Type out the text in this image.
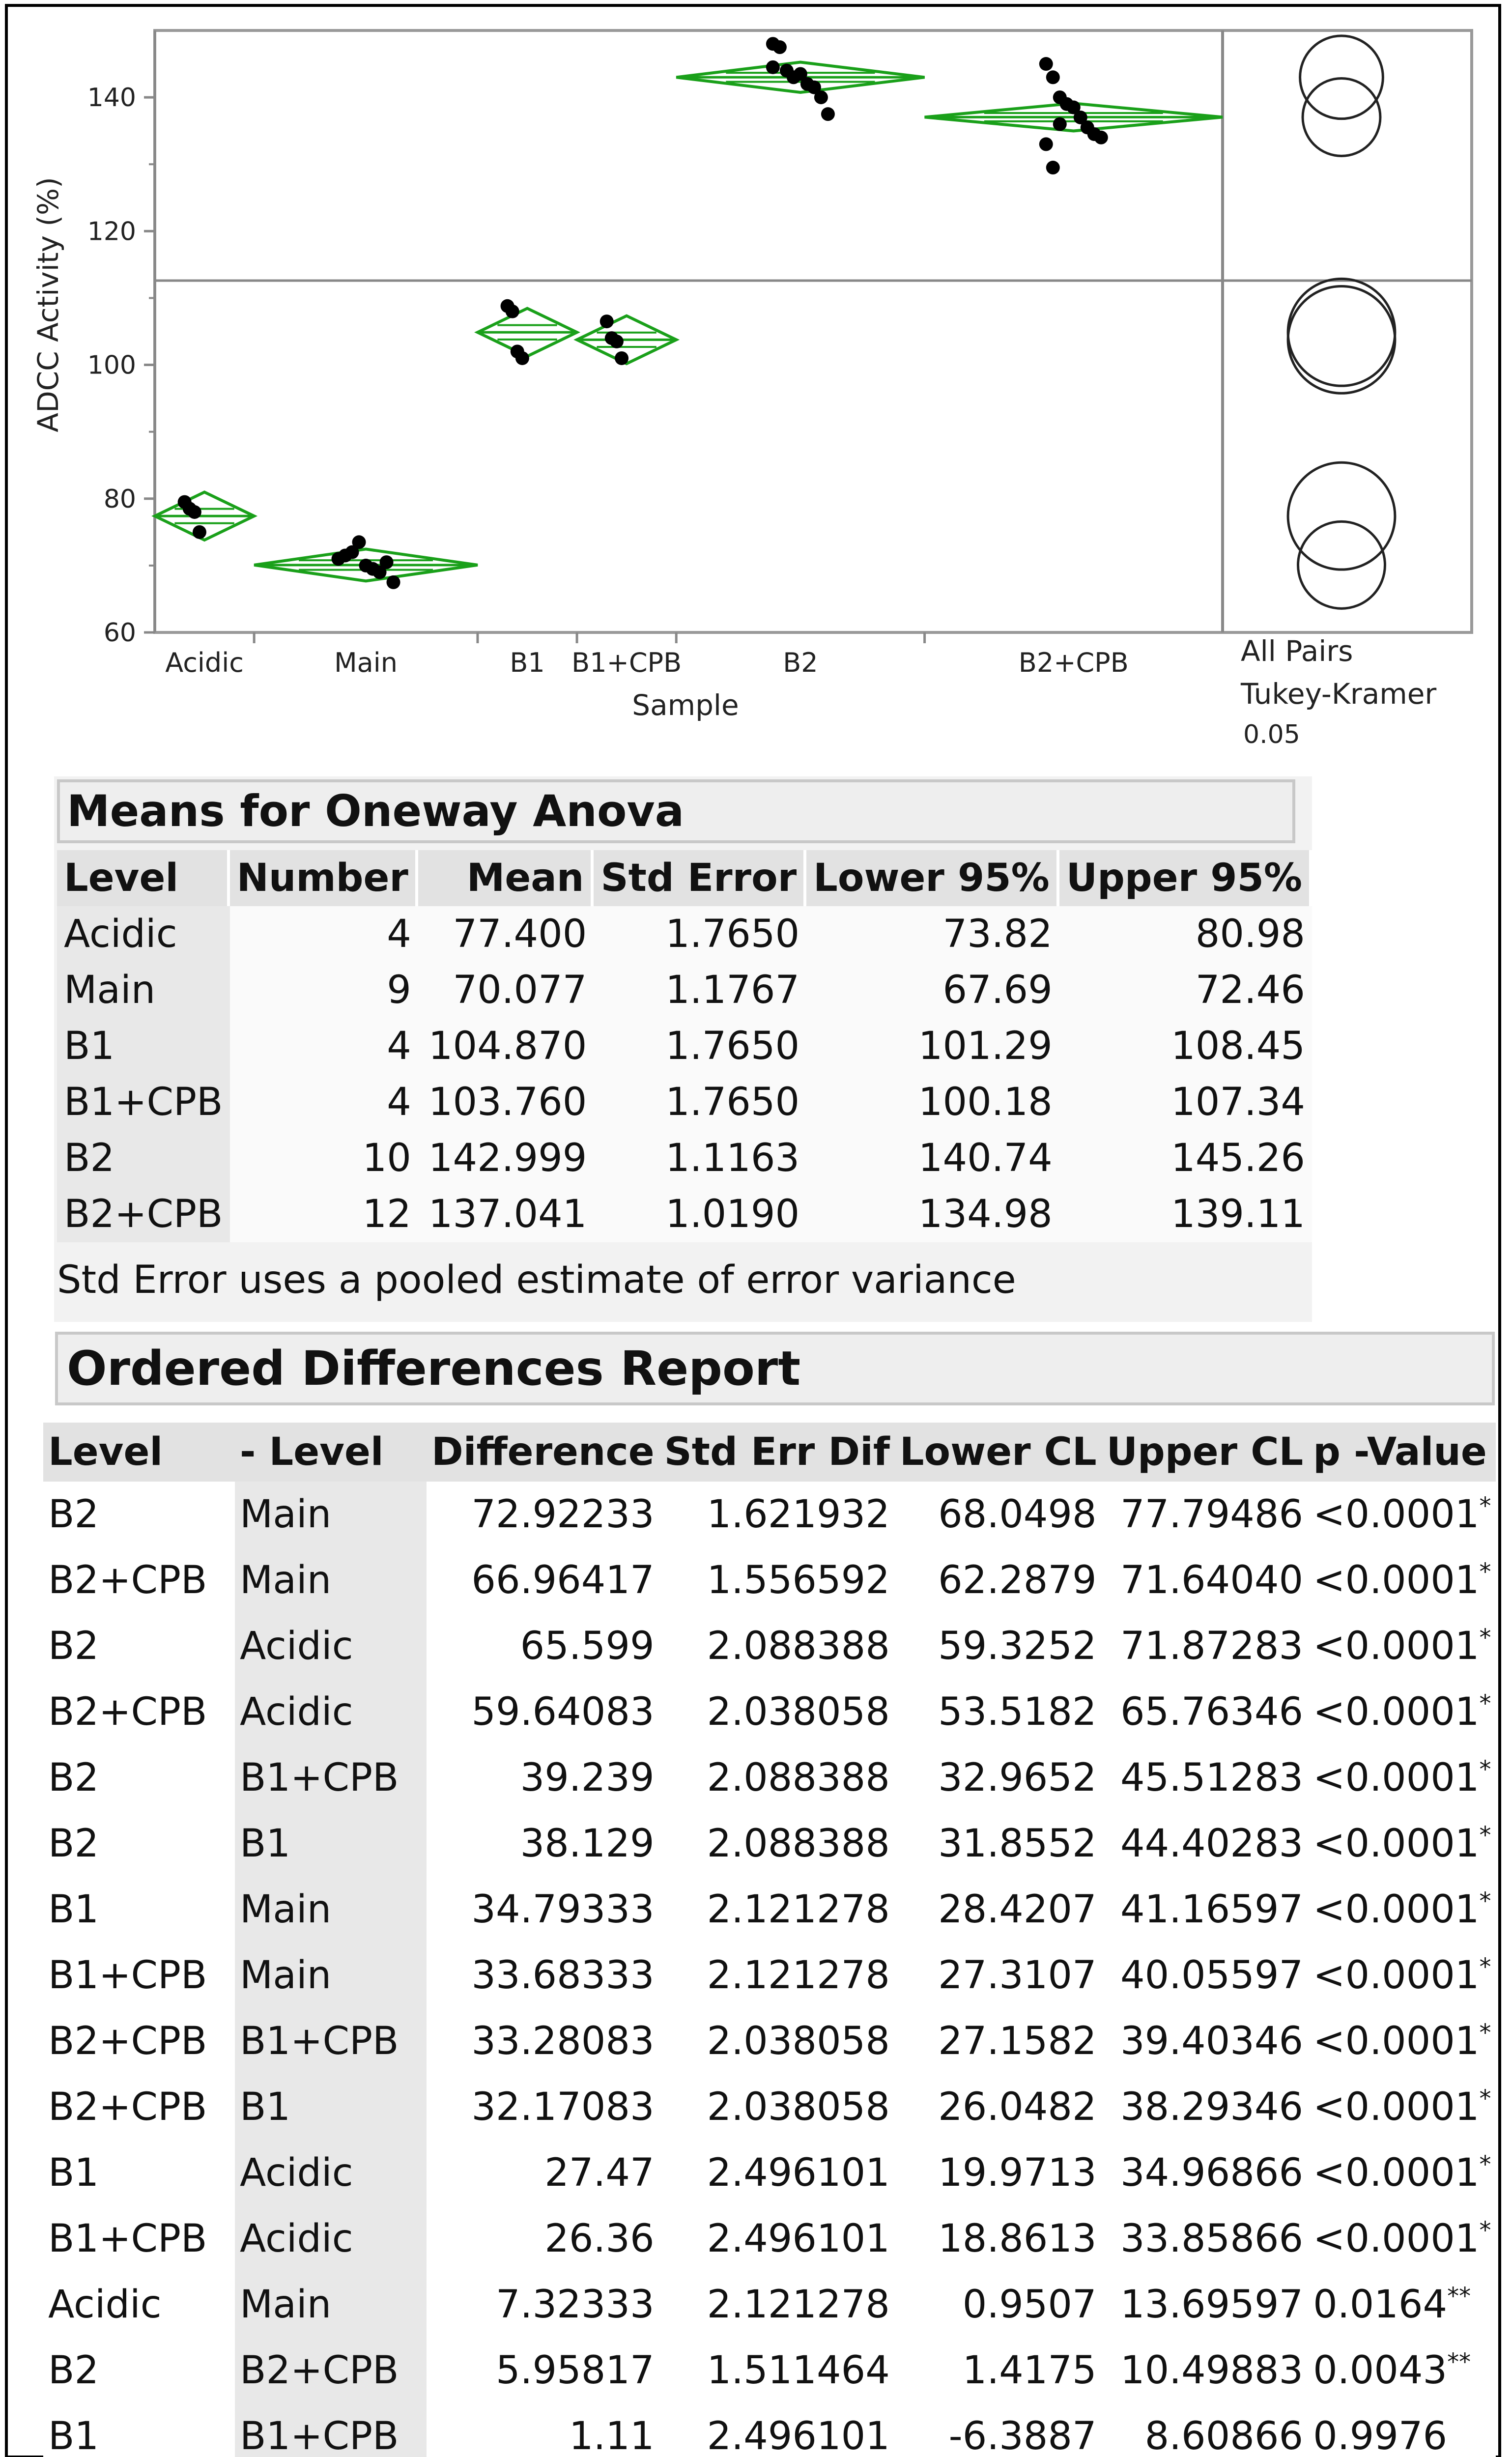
ADCC Activity (%)
Sample
All Pairs
Tukey-Kramer
0.05
60
80
100
120
140
Acidic	Main	B1 B1+CPB	B2	B2+CPB
Means for Oneway Anova
Level	Number	Mean	Std Error	Lower 95%	Upper 95%
Acidic	4	77.400	1.7650	73.82	80.98
Main	9	70.077	1.1767	67.69	72.46
B1	4	104.870	1.7650	101.29	108.45
B1+CPB	4	103.760	1.7650	100.18	107.34
B2	10	142.999	1.1163	140.74	145.26
B2+CPB	12	137.041	1.0190	134.98	139.11
Std Error uses a pooled estimate of error variance
Ordered Differences Report
Level	- Level	Difference	Std Err Dif	Lower CL	Upper CL	p -Value
B2	Main	72.92233	1.621932	68.0498	77.79486	<0.0001*
B2+CPB	Main	66.96417	1.556592	62.2879	71.64040	<0.0001*
B2	Acidic	65.599	2.088388	59.3252	71.87283	<0.0001*
B2+CPB	Acidic	59.64083	2.038058	53.5182	65.76346	<0.0001*
B2	B1+CPB	39.239	2.088388	32.9652	45.51283	<0.0001*
B2	B1	38.129	2.088388	31.8552	44.40283	<0.0001*
B1	Main	34.79333	2.121278	28.4207	41.16597	<0.0001*
B1+CPB	Main	33.68333	2.121278	27.3107	40.05597	<0.0001*
B2+CPB	B1+CPB	33.28083	2.038058	27.1582	39.40346	<0.0001*
B2+CPB	B1	32.17083	2.038058	26.0482	38.29346	<0.0001*
B1	Acidic	27.47	2.496101	19.9713	34.96866	<0.0001*
B1+CPB	Acidic	26.36	2.496101	18.8613	33.85866	<0.0001*
Acidic	Main	7.32333	2.121278	0.9507	13.69597	0.0164**
B2	B2+CPB	5.95817	1.511464	1.4175	10.49883	0.0043**
B1	B1+CPB	1.11	2.496101	-6.3887	8.60866	0.9976
